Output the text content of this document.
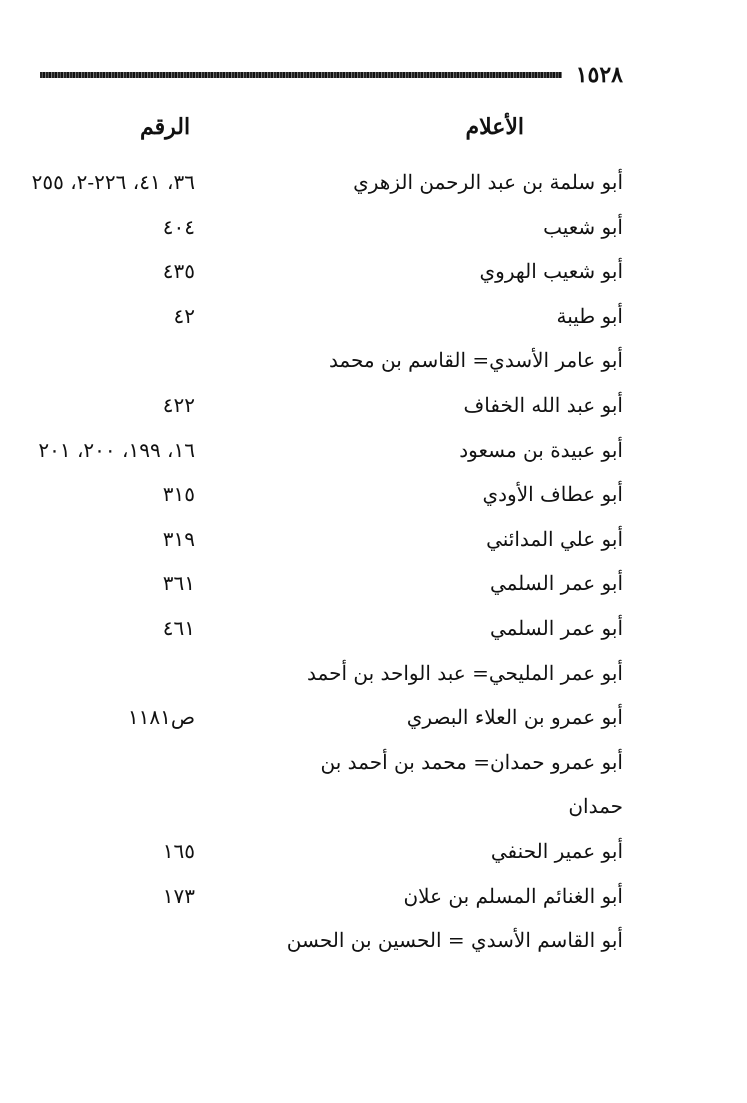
١٥٢٨
الأعلام
الرقم
أبو سلمة بن عبد الرحمن الزهري
٣٦، ٤١، ٢٢٦-٢، ٢٥٥
أبو شعيب
٤٠٤
أبو شعيب الهروي
٤٣٥
أبو طيبة
٤٢
أبو عامر الأسدي= القاسم بن محمد
أبو عبد الله الخفاف
٤٢٢
أبو عبيدة بن مسعود
١٦، ١٩٩، ٢٠٠، ٢٠١
أبو عطاف الأودي
٣١٥
أبو علي المدائني
٣١٩
أبو عمر السلمي
٣٦١
أبو عمر السلمي
٤٦١
أبو عمر المليحي= عبد الواحد بن أحمد
أبو عمرو بن العلاء البصري
ص١١٨١
أبو عمرو حمدان= محمد بن أحمد بن
حمدان
أبو عمير الحنفي
١٦٥
أبو الغنائم المسلم بن علان
١٧٣
أبو القاسم الأسدي = الحسين بن الحسن
